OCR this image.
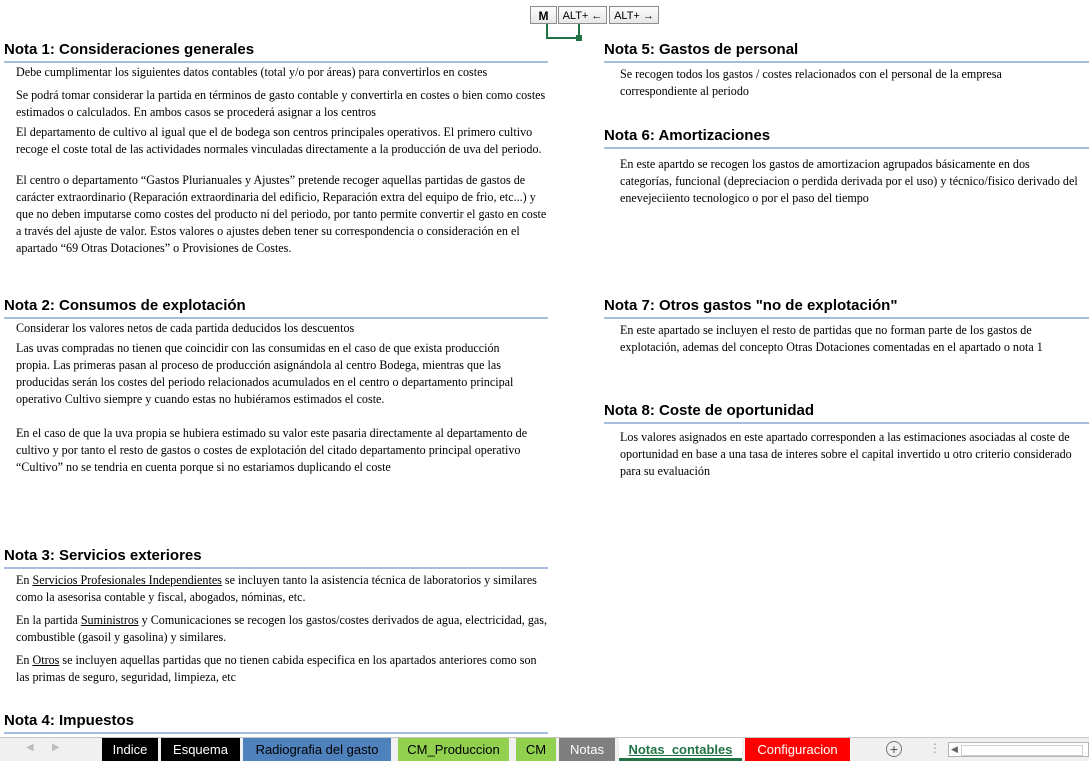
M	ALT+ ←	ALT+ →
Nota 1: Consideraciones generales

Debe cumplimentar los siguientes datos contables (total y/o por áreas) para convertirlos en costes

Se podrá tomar considerar la partida en términos de gasto contable y convertirla en costes o bien como costes estimados o calculados. En ambos casos se procederá asignar a los centros

El departamento de cultivo al igual que el de bodega son centros principales operativos. El primero cultivo recoge el coste total de las actividades normales vinculadas directamente a la producción de uva del periodo.

El centro o departamento “Gastos Plurianuales y Ajustes” pretende recoger aquellas partidas de gastos de carácter extraordinario (Reparación extraordinaria del edificio, Reparación extra del equipo de frio, etc...) y que no deben imputarse como costes del producto ni del periodo, por tanto permite convertir el gasto en coste a través del ajuste de valor. Estos valores o ajustes deben tener su correspondencia o consideración en el apartado “69 Otras Dotaciones” o Provisiones de Costes.

Nota 2: Consumos de explotación

Considerar los valores netos de cada partida deducidos los descuentos

Las uvas compradas no tienen que coincidir con las consumidas en el caso de que exista producción propia. Las primeras pasan al proceso de producción asignándola al centro Bodega, mientras que las producidas serán los costes del periodo relacionados acumulados en el centro o departamento principal operativo Cultivo siempre y cuando estas no hubiéramos estimados el coste.

En el caso de que la uva propia se hubiera estimado su valor este pasaria directamente al departamento de cultivo y por tanto el resto de gastos o costes de explotación del citado departamento principal operativo “Cultivo” no se tendria en cuenta porque si no estariamos duplicando el coste

Nota 3: Servicios exteriores

En Servicios Profesionales Independientes se incluyen tanto la asistencia técnica de laboratorios y similares como la asesorisa contable y fiscal, abogados, nóminas, etc.

En la partida Suministros y Comunicaciones se recogen los gastos/costes derivados de agua, electricidad, gas, combustible (gasoil y gasolina) y similares.

En Otros se incluyen aquellas partidas que no tienen cabida especifica en los apartados anteriores como son las primas de seguro, seguridad, limpieza, etc

Nota 4: Impuestos
Nota 5: Gastos de personal

Se recogen todos los gastos / costes relacionados con el personal de la empresa correspondiente al periodo

Nota 6: Amortizaciones

En este apartdo se recogen los gastos de amortizacion agrupados básicamente en dos categorías, funcional (depreciacion o perdida derivada por el uso) y técnico/fisico derivado del enevejeciiento tecnologico o por el paso del tiempo

Nota 7: Otros gastos "no de explotación"

En este apartado se incluyen el resto de partidas que no forman parte de los gastos de explotación, ademas del concepto Otras Dotaciones comentadas en el apartado o nota 1

Nota 8: Coste de oportunidad

Los valores asignados en este apartado corresponden a las estimaciones asociadas al coste de oportunidad en base a una tasa de interes sobre el capital invertido u otro criterio considerado para su evaluación

◀ ▶	Indice	Esquema	Radiografia del gasto	CM_Produccion	CM	Notas	Notas_contables	Configuracion	+	⋮ ◀
